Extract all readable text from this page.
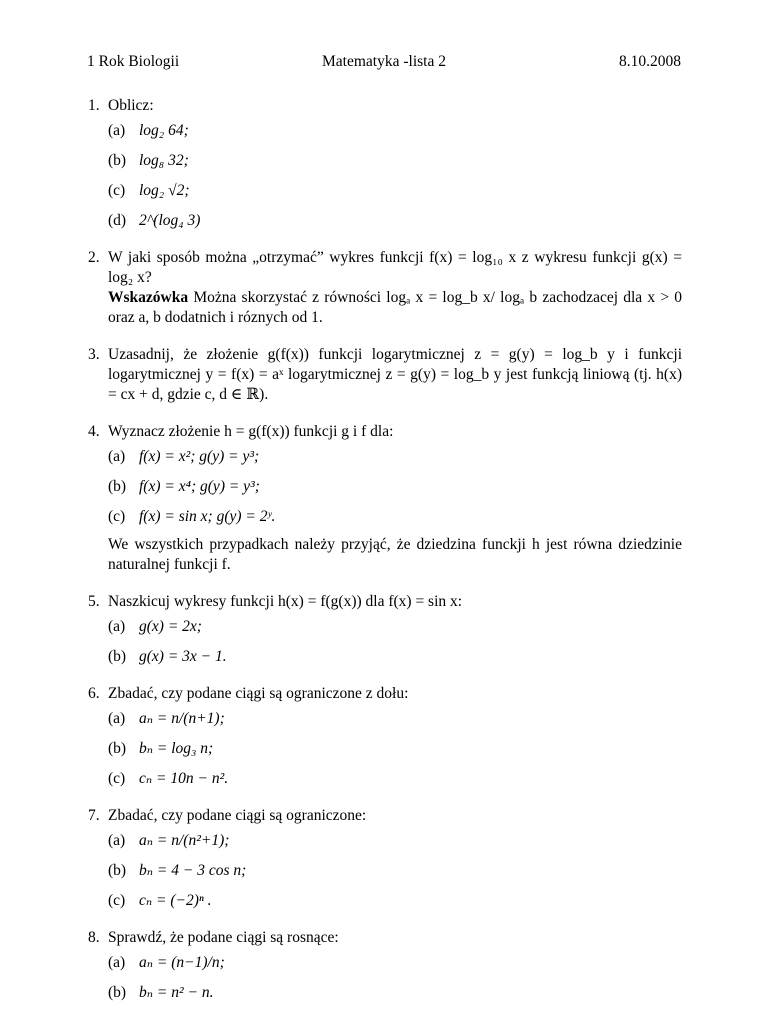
1 Rok Biologii	Matematyka -lista 2	8.10.2008
1. Oblicz:
(a) log₂ 64;
(b) log₈ 32;
(c) log₂ √2;
(d) 2^(log₄ 3)
2. W jaki sposób można „otrzymać” wykres funkcji f(x) = log₁₀ x z wykresu funkcji g(x) = log₂ x?
Wskazówka Można skorzystać z równości logₐ x = log_b x/ logₐ b zachodzacej dla x > 0 oraz a, b dodatnich i róznych od 1.
3. Uzasadnij, że złożenie g(f(x)) funkcji logarytmicznej z = g(y) = log_b y i funkcji logarytmicznej y = f(x) = aˣ logarytmicznej z = g(y) = log_b y jest funkcją liniową (tj. h(x) = cx + d, gdzie c, d ∈ ℝ).
4. Wyznacz złożenie h = g(f(x)) funkcji g i f dla:
(a) f(x) = x²; g(y) = y³;
(b) f(x) = x⁴; g(y) = y³;
(c) f(x) = sin x; g(y) = 2ʸ.
We wszystkich przypadkach należy przyjąć, że dziedzina funckji h jest równa dziedzinie naturalnej funkcji f.
5. Naszkicuj wykresy funkcji h(x) = f(g(x)) dla f(x) = sin x:
(a) g(x) = 2x;
(b) g(x) = 3x − 1.
6. Zbadać, czy podane ciągi są ograniczone z dołu:
(a) aₙ = n/(n+1);
(b) bₙ = log₃ n;
(c) cₙ = 10n − n².
7. Zbadać, czy podane ciągi są ograniczone:
(a) aₙ = n/(n²+1);
(b) bₙ = 4 − 3 cos n;
(c) cₙ = (−2)ⁿ .
8. Sprawdź, że podane ciągi są rosnące:
(a) aₙ = (n−1)/n;
(b) bₙ = n² − n.
